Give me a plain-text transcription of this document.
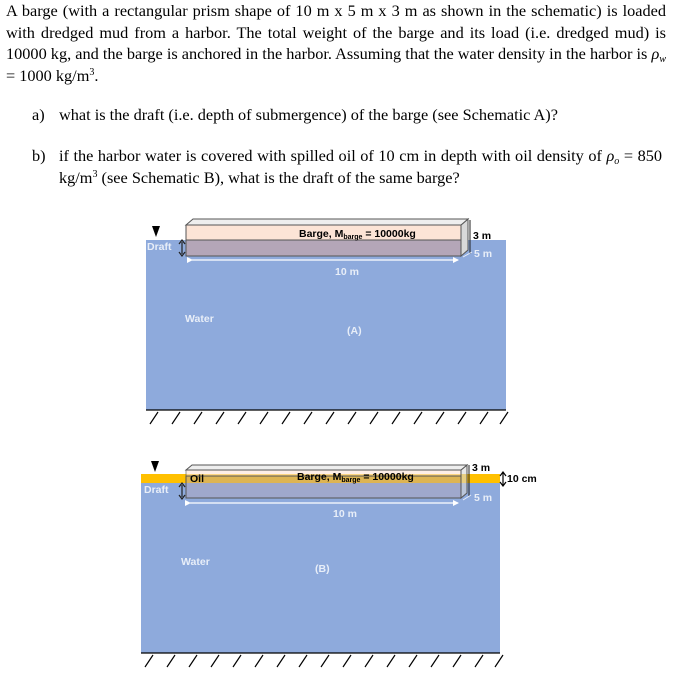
A barge (with a rectangular prism shape of 10 m x 5 m x 3 m as shown in the schematic) is loaded with dredged mud from a harbor. The total weight of the barge and its load (i.e. dredged mud) is 10000 kg, and the barge is anchored in the harbor. Assuming that the water density in the harbor is $\rho_w = 1000$ $kg/m^3$.
a) what is the draft (i.e. depth of submergence) of the barge (see Schematic A)?
b) if the harbor water is covered with spilled oil of 10 cm in depth with oil density of $\rho_o = 850$ $kg/m^3$ (see Schematic B), what is the draft of the same barge?
Barge, Mbarge = 10000kg
Draft
10 m
3 m
5 m
Water
(A)
Barge, Mbarge = 10000kg
Oil
Draft
10 m
3 m
10 cm
5 m
Water
(B)
